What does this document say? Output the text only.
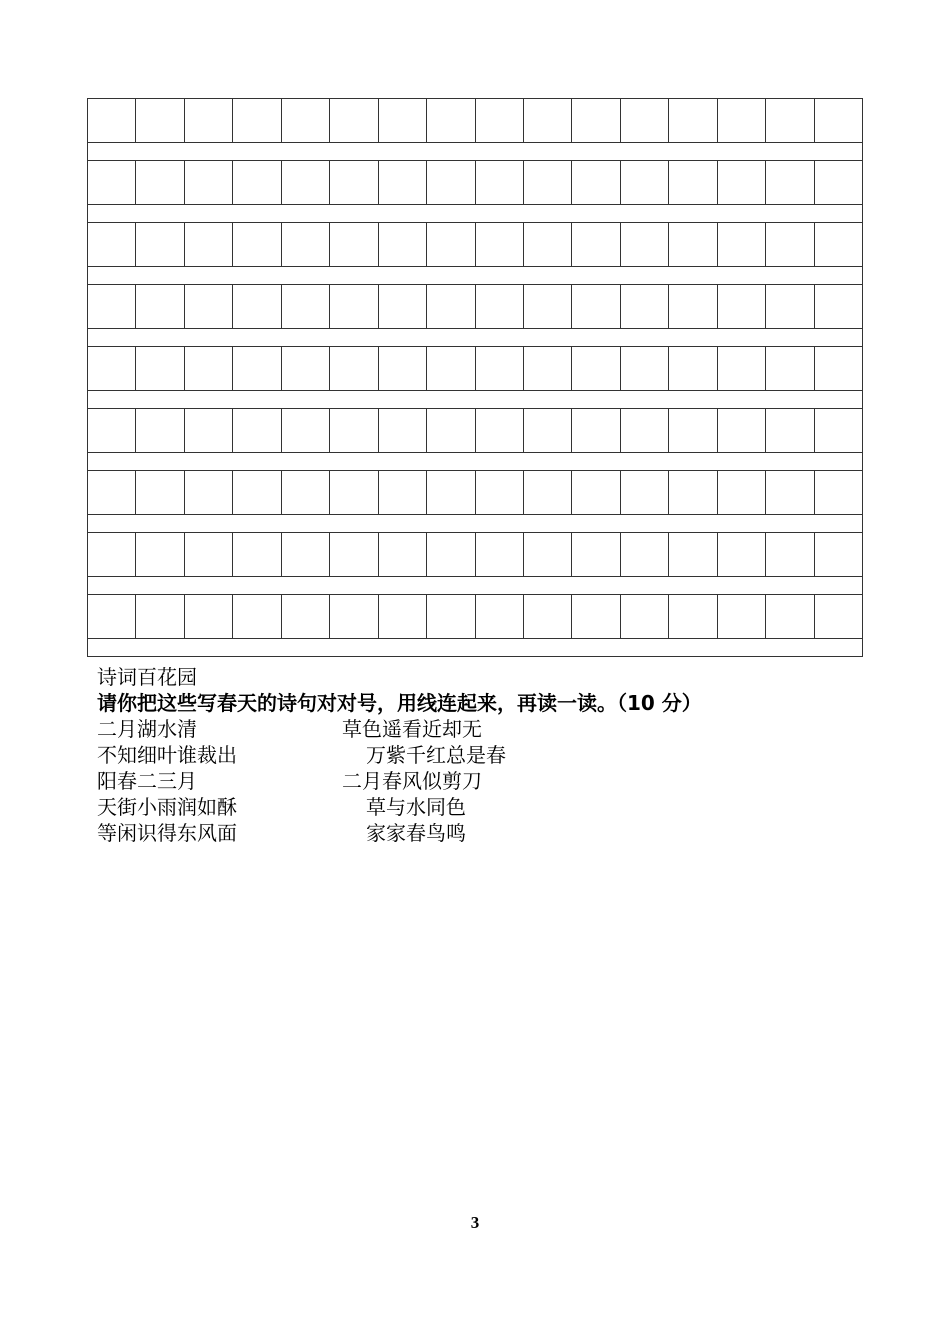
诗词百花园
请你把这些写春天的诗句对对号，用线连起来，再读一读。（10 分）
二月湖水清	草色遥看近却无
不知细叶谁裁出	万紫千红总是春
阳春二三月	二月春风似剪刀
天街小雨润如酥	草与水同色
等闲识得东风面	家家春鸟鸣
3
